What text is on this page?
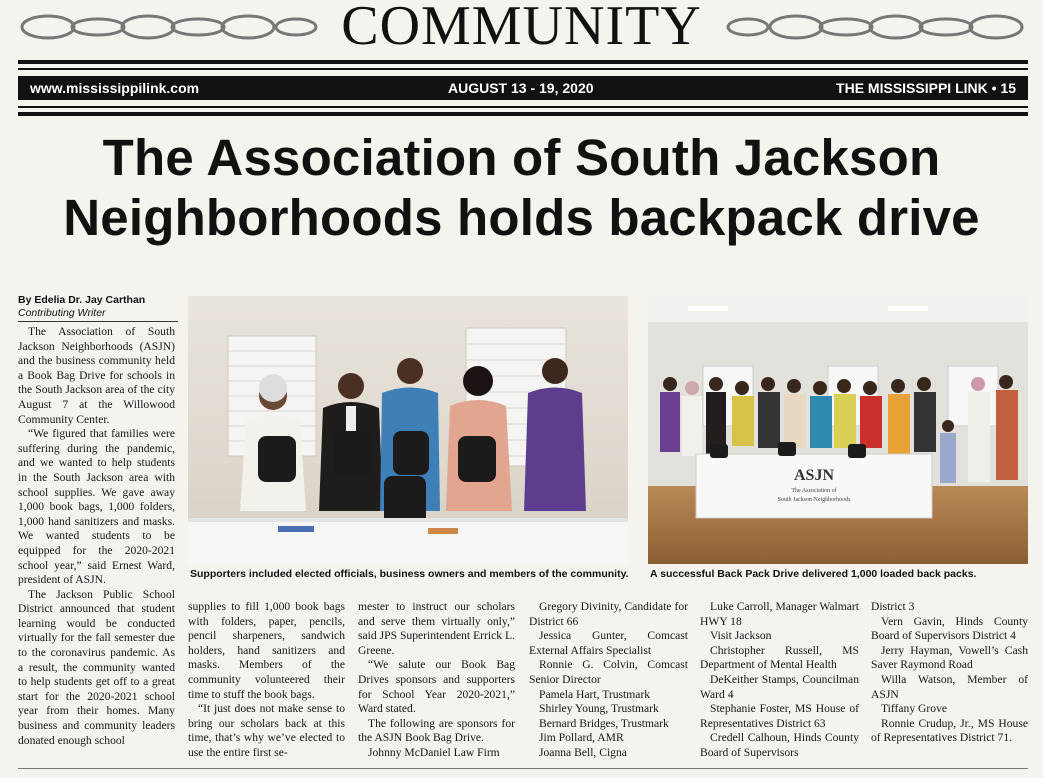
COMMUNITY
www.mississippilink.com	AUGUST 13 - 19, 2020	THE MISSISSIPPI LINK • 15
The Association of South Jackson
Neighborhoods holds backpack drive
By Edelia Dr. Jay Carthan
Contributing Writer

The Association of South Jackson Neighborhoods (ASJN) and the business community held a Book Bag Drive for schools in the South Jackson area of the city August 7 at the Willowood Community Center.

“We figured that families were suffering during the pandemic, and we wanted to help students in the South Jackson area with school supplies. We gave away 1,000 book bags, 1,000 folders, 1,000 hand sanitizers and masks. We wanted students to be equipped for the 2020-2021 school year,” said Ernest Ward, president of ASJN.

The Jackson Public School District announced that student learning would be conducted virtually for the fall semester due to the coronavirus pandemic. As a result, the community wanted to help students get off to a great start for the 2020-2021 school year from their homes. Many business and community leaders donated enough school

Supporters included elected officials, business owners and members of the community.
ASJN
The Association of
South Jackson Neighborhoods
A successful Back Pack Drive delivered 1,000 loaded back packs.

supplies to fill 1,000 book bags with folders, paper, pencils, pencil sharpeners, sandwich holders, hand sanitizers and masks. Members of the community volunteered their time to stuff the book bags.

“It just does not make sense to bring our scholars back at this time, that’s why we’ve elected to use the entire first se-

mester to instruct our scholars and serve them virtually only,” said JPS Superintendent Errick L. Greene.

“We salute our Book Bag Drives sponsors and supporters for School Year 2020-2021,” Ward stated.

The following are sponsors for the ASJN Book Bag Drive.

Johnny McDaniel Law Firm

Gregory Divinity, Candidate for District 66

Jessica Gunter, Comcast External Affairs Specialist

Ronnie G. Colvin, Comcast Senior Director

Pamela Hart, Trustmark

Shirley Young, Trustmark

Bernard Bridges, Trustmark

Jim Pollard, AMR

Joanna Bell, Cigna

Luke Carroll, Manager Walmart HWY 18

Visit Jackson

Christopher Russell, MS Department of Mental Health

DeKeither Stamps, Councilman Ward 4

Stephanie Foster, MS House of Representatives District 63

Credell Calhoun, Hinds County Board of Supervisors

District 3

Vern Gavin, Hinds County Board of Supervisors District 4

Jerry Hayman, Vowell’s Cash Saver Raymond Road

Willa Watson, Member of ASJN

Tiffany Grove

Ronnie Crudup, Jr., MS House of Representatives District 71.
